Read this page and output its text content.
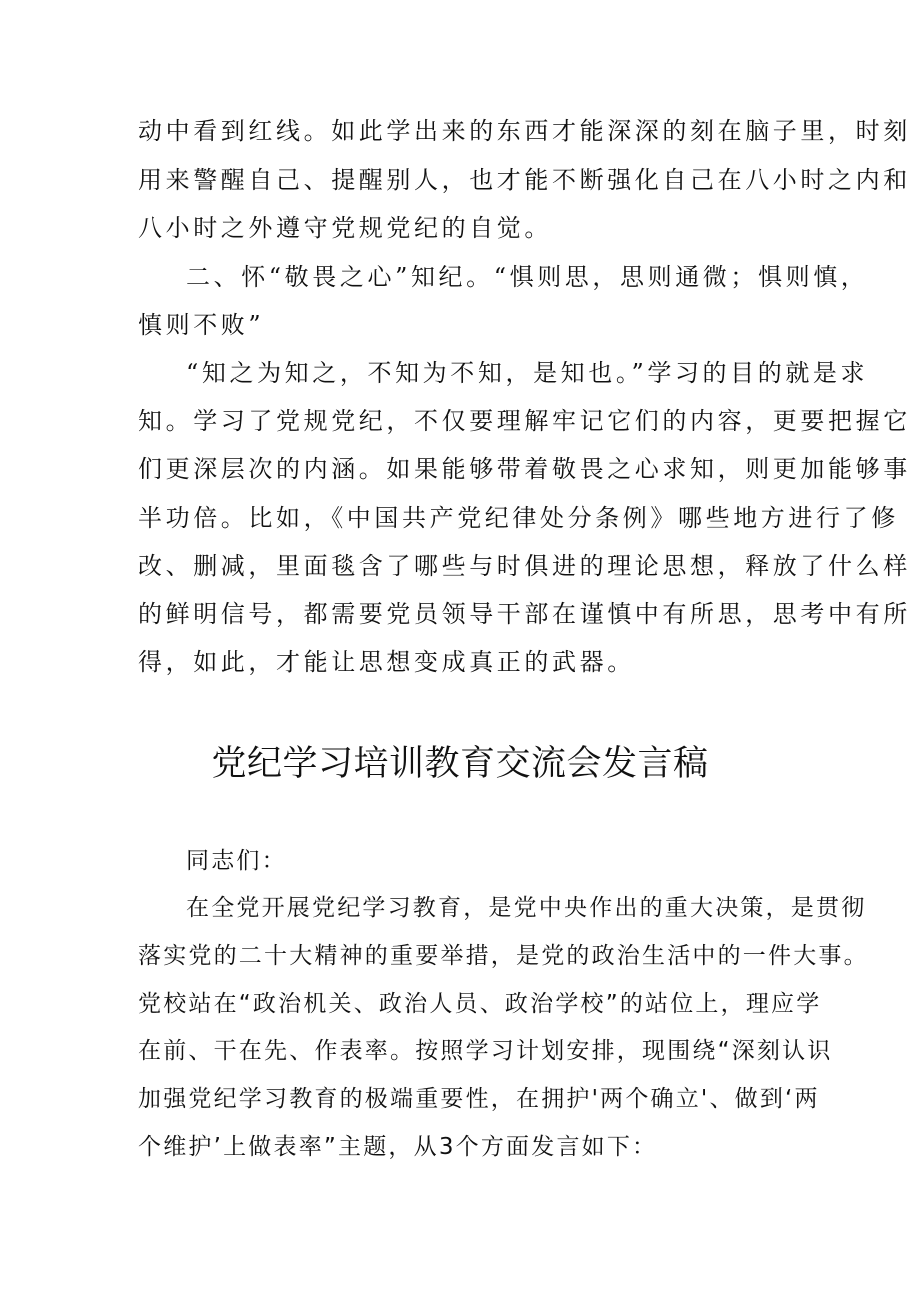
动中看到红线。如此学出来的东西才能深深的刻在脑子里，时刻
用来警醒自己、提醒别人，也才能不断强化自己在八小时之内和
八小时之外遵守党规党纪的自觉。
二、怀“敬畏之心”知纪。“惧则思，思则通微；惧则慎，
慎则不败”
“知之为知之，不知为不知，是知也。”学习的目的就是求
知。学习了党规党纪，不仅要理解牢记它们的内容，更要把握它
们更深层次的内涵。如果能够带着敬畏之心求知，则更加能够事
半功倍。比如，《中国共产党纪律处分条例》哪些地方进行了修
改、删减，里面毯含了哪些与时俱进的理论思想，释放了什么样
的鲜明信号，都需要党员领导干部在谨慎中有所思，思考中有所
得，如此，才能让思想变成真正的武器。
党纪学习培训教育交流会发言稿
同志们：
在全党开展党纪学习教育，是党中央作出的重大决策，是贯彻
落实党的二十大精神的重要举措，是党的政治生活中的一件大事。
党校站在“政治机关、政治人员、政治学校”的站位上，理应学
在前、干在先、作表率。按照学习计划安排，现围绕“深刻认识
加强党纪学习教育的极端重要性，在拥护'两个确立'、做到‘两
个维护’上做表率”主题，从3个方面发言如下：
